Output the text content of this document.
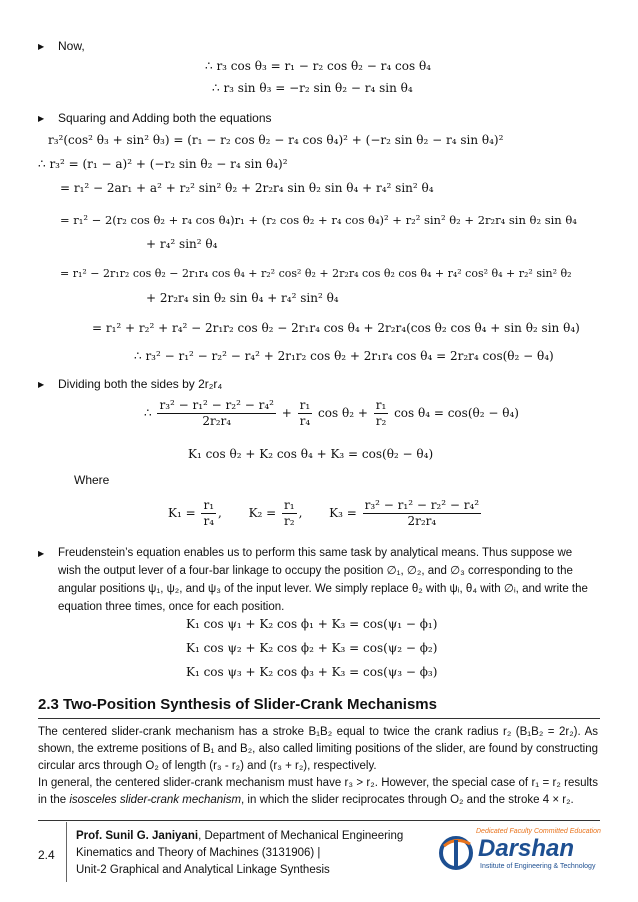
▶ Now,
∴ r₃ cos θ₃ = r₁ − r₂ cos θ₂ − r₄ cos θ₄
∴ r₃ sin θ₃ = −r₂ sin θ₂ − r₄ sin θ₄
▶ Squaring and Adding both the equations
r₃²(cos² θ₃ + sin² θ₃) = (r₁ − r₂ cos θ₂ − r₄ cos θ₄)² + (−r₂ sin θ₂ − r₄ sin θ₄)²
∴ r₃² = (r₁ − a)² + (−r₂ sin θ₂ − r₄ sin θ₄)²
= r₁² − 2ar₁ + a² + r₂² sin² θ₂ + 2r₂r₄ sin θ₂ sin θ₄ + r₄² sin² θ₄
= r₁² − 2(r₂ cos θ₂ + r₄ cos θ₄)r₁ + (r₂ cos θ₂ + r₄ cos θ₄)² + r₂² sin² θ₂ + 2r₂r₄ sin θ₂ sin θ₄
+ r₄² sin² θ₄
= r₁² − 2r₁r₂ cos θ₂ − 2r₁r₄ cos θ₄ + r₂² cos² θ₂ + 2r₂r₄ cos θ₂ cos θ₄ + r₄² cos² θ₄ + r₂² sin² θ₂
+ 2r₂r₄ sin θ₂ sin θ₄ + r₄² sin² θ₄
= r₁² + r₂² + r₄² − 2r₁r₂ cos θ₂ − 2r₁r₄ cos θ₄ + 2r₂r₄(cos θ₂ cos θ₄ + sin θ₂ sin θ₄)
∴ r₃² − r₁² − r₂² − r₄² + 2r₁r₂ cos θ₂ + 2r₁r₄ cos θ₄ = 2r₂r₄ cos(θ₂ − θ₄)
▶ Dividing both the sides by 2r₂r₄
∴ $\frac{\text{r₃² − r₁² − r₂² − r₄²}}{\text{2r₂r₄}} + \frac{\text{r₁}}{\text{r₄}}$ $\cos \theta_2 + \frac{\text{r₁}}{\text{r₂}}$ cos θ₄ = cos(θ₂ − θ₄)
K₁ cos θ₂ + K₂ cos θ₄ + K₃ = cos(θ₂ − θ₄)
Where
$K_1 = \frac{\text{r₁}}{\text{r₄}}$ , $K_2 = \frac{\text{r₁}}{\text{r₂}}$ , $K_3 = \frac{\text{r₃² − r₁² − r₂² − r₄²}}{\text{2r₂r₄}}$
▶ Freudenstein’s equation enables us to perform this same task by analytical means. Thus suppose we wish the output lever of a four-bar linkage to occupy the position ∅₁, ∅₂, and ∅₃ corresponding to the angular positions ψ₁, ψ₂, and ψ₃ of the input lever. We simply replace θ₂ with ψᵢ, θ₄ with ∅ᵢ, and write the equation three times, once for each position.
K₁ cos ψ₁ + K₂ cos ϕ₁ + K₃ = cos(ψ₁ − ϕ₁)
K₁ cos ψ₂ + K₂ cos ϕ₂ + K₃ = cos(ψ₂ − ϕ₂)
K₁ cos ψ₃ + K₂ cos ϕ₃ + K₃ = cos(ψ₃ − ϕ₃)
2.3 Two-Position Synthesis of Slider-Crank Mechanisms
The centered slider-crank mechanism has a stroke B₁B₂ equal to twice the crank radius r₂ (B₁B₂ = 2r₂). As shown, the extreme positions of B₁ and B₂, also called limiting positions of the slider, are found by constructing circular arcs through O₂ of length (r₃ - r₂) and (r₃ + r₂), respectively.
In general, the centered slider-crank mechanism must have r₃ > r₂. However, the special case of r₁ = r₂ results in the isosceles slider-crank mechanism, in which the slider reciprocates through O₂ and the stroke 4 × r₂.
2.4
Prof. Sunil G. Janiyani, Department of Mechanical Engineering
Kinematics and Theory of Machines (3131906) |
Unit-2 Graphical and Analytical Linkage Synthesis
Dedicated Faculty Committed Education
Darshan
Institute of Engineering & Technology
